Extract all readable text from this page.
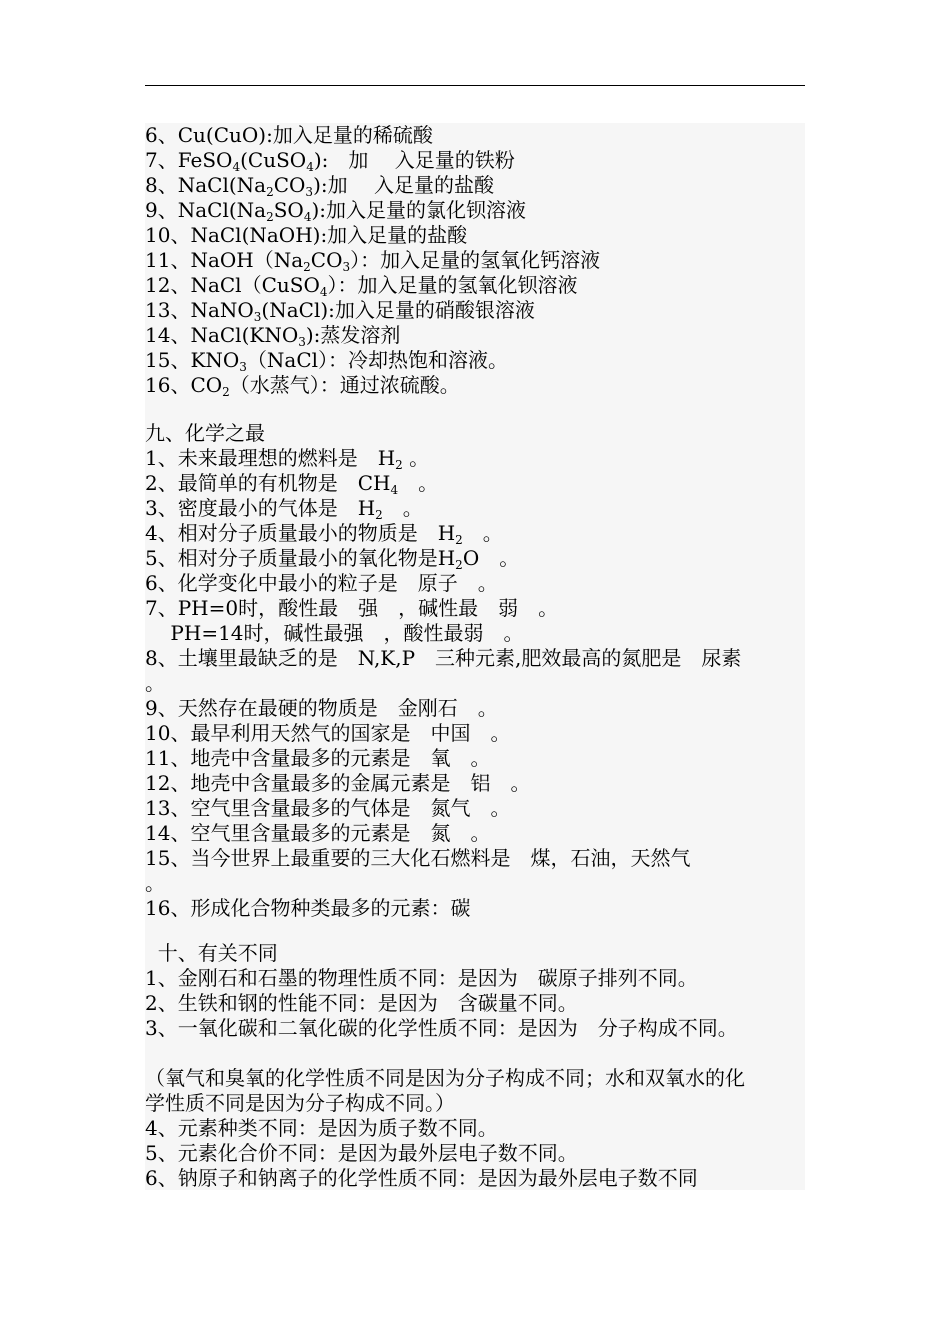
6、Cu(CuO):加入足量的稀硫酸
7、FeSO$_4$(CuSO$_4$):　加　 入足量的铁粉
8、$NaCl(Na_2CO_3)$:加　 入足量的盐酸
9、$NaCl(Na_2SO_4)$:加入足量的氯化钡溶液
10、NaCl(NaOH):加入足量的盐酸
11、$NaOH(Na_2CO_3)$：加入足量的氢氧化钙溶液
12、NaCl（CuSO$_4$）：加入足量的氢氧化钡溶液
13、NaNO$_3$(NaCl):加入足量的硝酸银溶液
14、$NaCl(KNO_3)$:蒸发溶剂
15、$KNO_3(NaCl)$：冷却热饱和溶液。
16、$CO_2$（水蒸气）：通过浓硫酸。
九、化学之最
1、未来最理想的燃料是　$H_2$ 。
2、最简单的有机物是　$CH_4$　。
3、密度最小的气体是　$H_2$　。
4、相对分子质量最小的物质是　$H_2$　。
5、相对分子质量最小的氧化物是$H_2O$　。
6、化学变化中最小的粒子是　原子　。
7、PH=0时，酸性最　强　，碱性最　弱　。
PH=14时，碱性最强　，酸性最弱　。
8、土壤里最缺乏的是　N,K,P　三种元素,肥效最高的氮肥是　尿素
。
9、天然存在最硬的物质是　金刚石　。
10、最早利用天然气的国家是　中国　。
11、地壳中含量最多的元素是　氧　。
12、地壳中含量最多的金属元素是　铝　。
13、空气里含量最多的气体是　氮气　。
14、空气里含量最多的元素是　氮　。
15、当今世界上最重要的三大化石燃料是　煤，石油，天然气
。
16、形成化合物种类最多的元素：碳
十、有关不同
1、金刚石和石墨的物理性质不同：是因为　碳原子排列不同。
2、生铁和钢的性能不同：是因为　含碳量不同。
3、一氧化碳和二氧化碳的化学性质不同：是因为　分子构成不同。
（氧气和臭氧的化学性质不同是因为分子构成不同；水和双氧水的化
学性质不同是因为分子构成不同。）
4、元素种类不同：是因为质子数不同。
5、元素化合价不同：是因为最外层电子数不同。
6、钠原子和钠离子的化学性质不同：是因为最外层电子数不同
